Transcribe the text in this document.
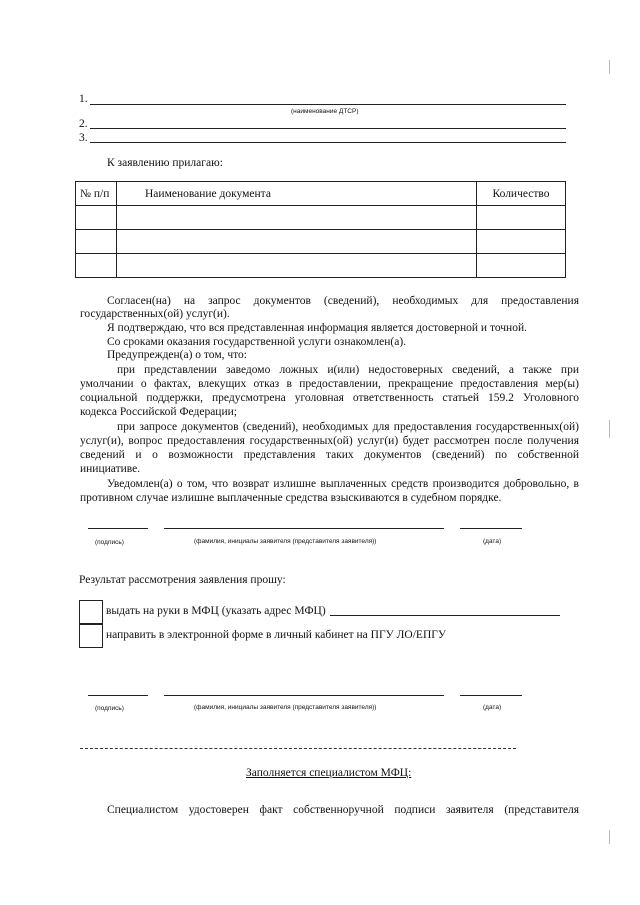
1.
(наименование ДТСР)
2.
3.
К заявлению прилагаю:
№ п/п	Наименование документа	Количество

Согласен(на) на запрос документов (сведений), необходимых для предоставления
государственных(ой) услуг(и).
Я подтверждаю, что вся представленная информация является достоверной и точной.
Со сроками оказания государственной услуги ознакомлен(а).
Предупрежден(а) о том, что:
при представлении заведомо ложных и(или) недостоверных сведений, а также при
умолчании о фактах, влекущих отказ в предоставлении, прекращение предоставления мер(ы)
социальной поддержки, предусмотрена уголовная ответственность статьей 159.2 Уголовного
кодекса Российской Федерации;
при запросе документов (сведений), необходимых для предоставления государственных(ой)
услуг(и), вопрос предоставления государственных(ой) услуг(и) будет рассмотрен после получения
сведений и о возможности представления таких документов (сведений) по собственной
инициативе.
Уведомлен(а) о том, что возврат излишне выплаченных средств производится добровольно, в
противном случае излишне выплаченные средства взыскиваются в судебном порядке.
(подпись)	(фамилия, инициалы заявителя (представителя заявителя))	(дата)
Результат рассмотрения заявления прошу:
выдать на руки в МФЦ (указать адрес МФЦ)
направить в электронной форме в личный кабинет на ПГУ ЛО/ЕПГУ
(подпись)	(фамилия, инициалы заявителя (представителя заявителя))	(дата)
Заполняется специалистом МФЦ:
Специалистом удостоверен факт собственноручной подписи заявителя (представителя
